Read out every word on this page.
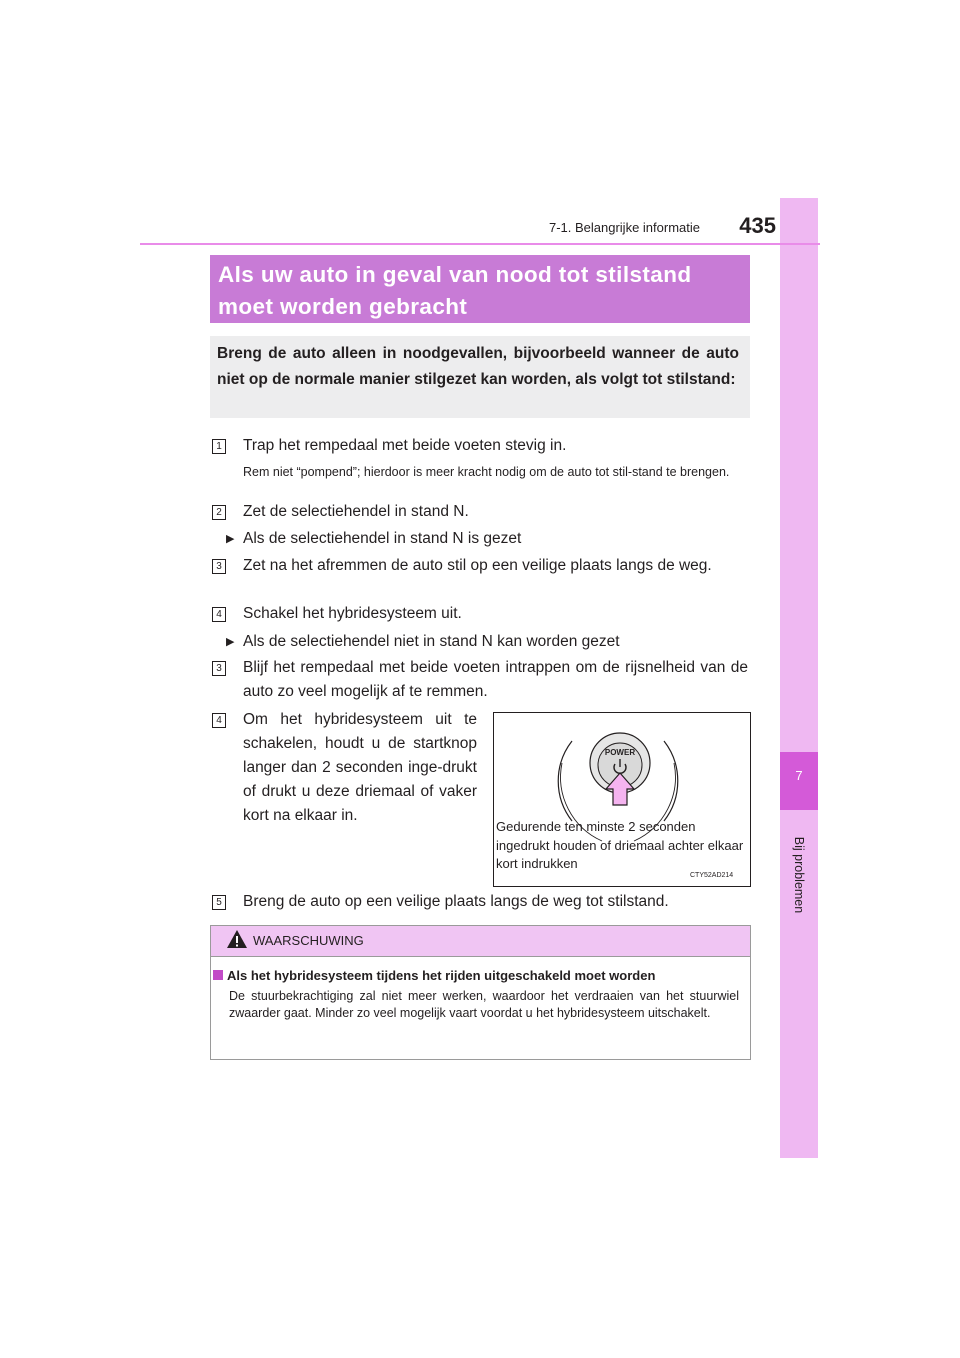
7
Bij problemen
7-1. Belangrijke informatie	435
Als uw auto in geval van nood tot stilstand
moet worden gebracht
Breng de auto alleen in noodgevallen, bijvoorbeeld wanneer de auto niet op de normale manier stilgezet kan worden, als volgt tot stilstand:
1 Trap het rempedaal met beide voeten stevig in.
Rem niet “pompend”; hierdoor is meer kracht nodig om de auto tot stil-stand te brengen.
2 Zet de selectiehendel in stand N.
▶ Als de selectiehendel in stand N is gezet
3 Zet na het afremmen de auto stil op een veilige plaats langs de weg.
4 Schakel het hybridesysteem uit.
▶ Als de selectiehendel niet in stand N kan worden gezet
3 Blijf het rempedaal met beide voeten intrappen om de rijsnelheid van de auto zo veel mogelijk af te remmen.
4 Om het hybridesysteem uit te schakelen, houdt u de startknop langer dan 2 seconden inge-drukt of drukt u deze driemaal of vaker kort na elkaar in.
POWER
Gedurende ten minste 2 seconden ingedrukt houden of driemaal achter elkaar kort indrukken
CTY52AD214
5 Breng de auto op een veilige plaats langs de weg tot stilstand.
WAARSCHUWING
Als het hybridesysteem tijdens het rijden uitgeschakeld moet worden
De stuurbekrachtiging zal niet meer werken, waardoor het verdraaien van het stuurwiel zwaarder gaat. Minder zo veel mogelijk vaart voordat u het hybridesysteem uitschakelt.
